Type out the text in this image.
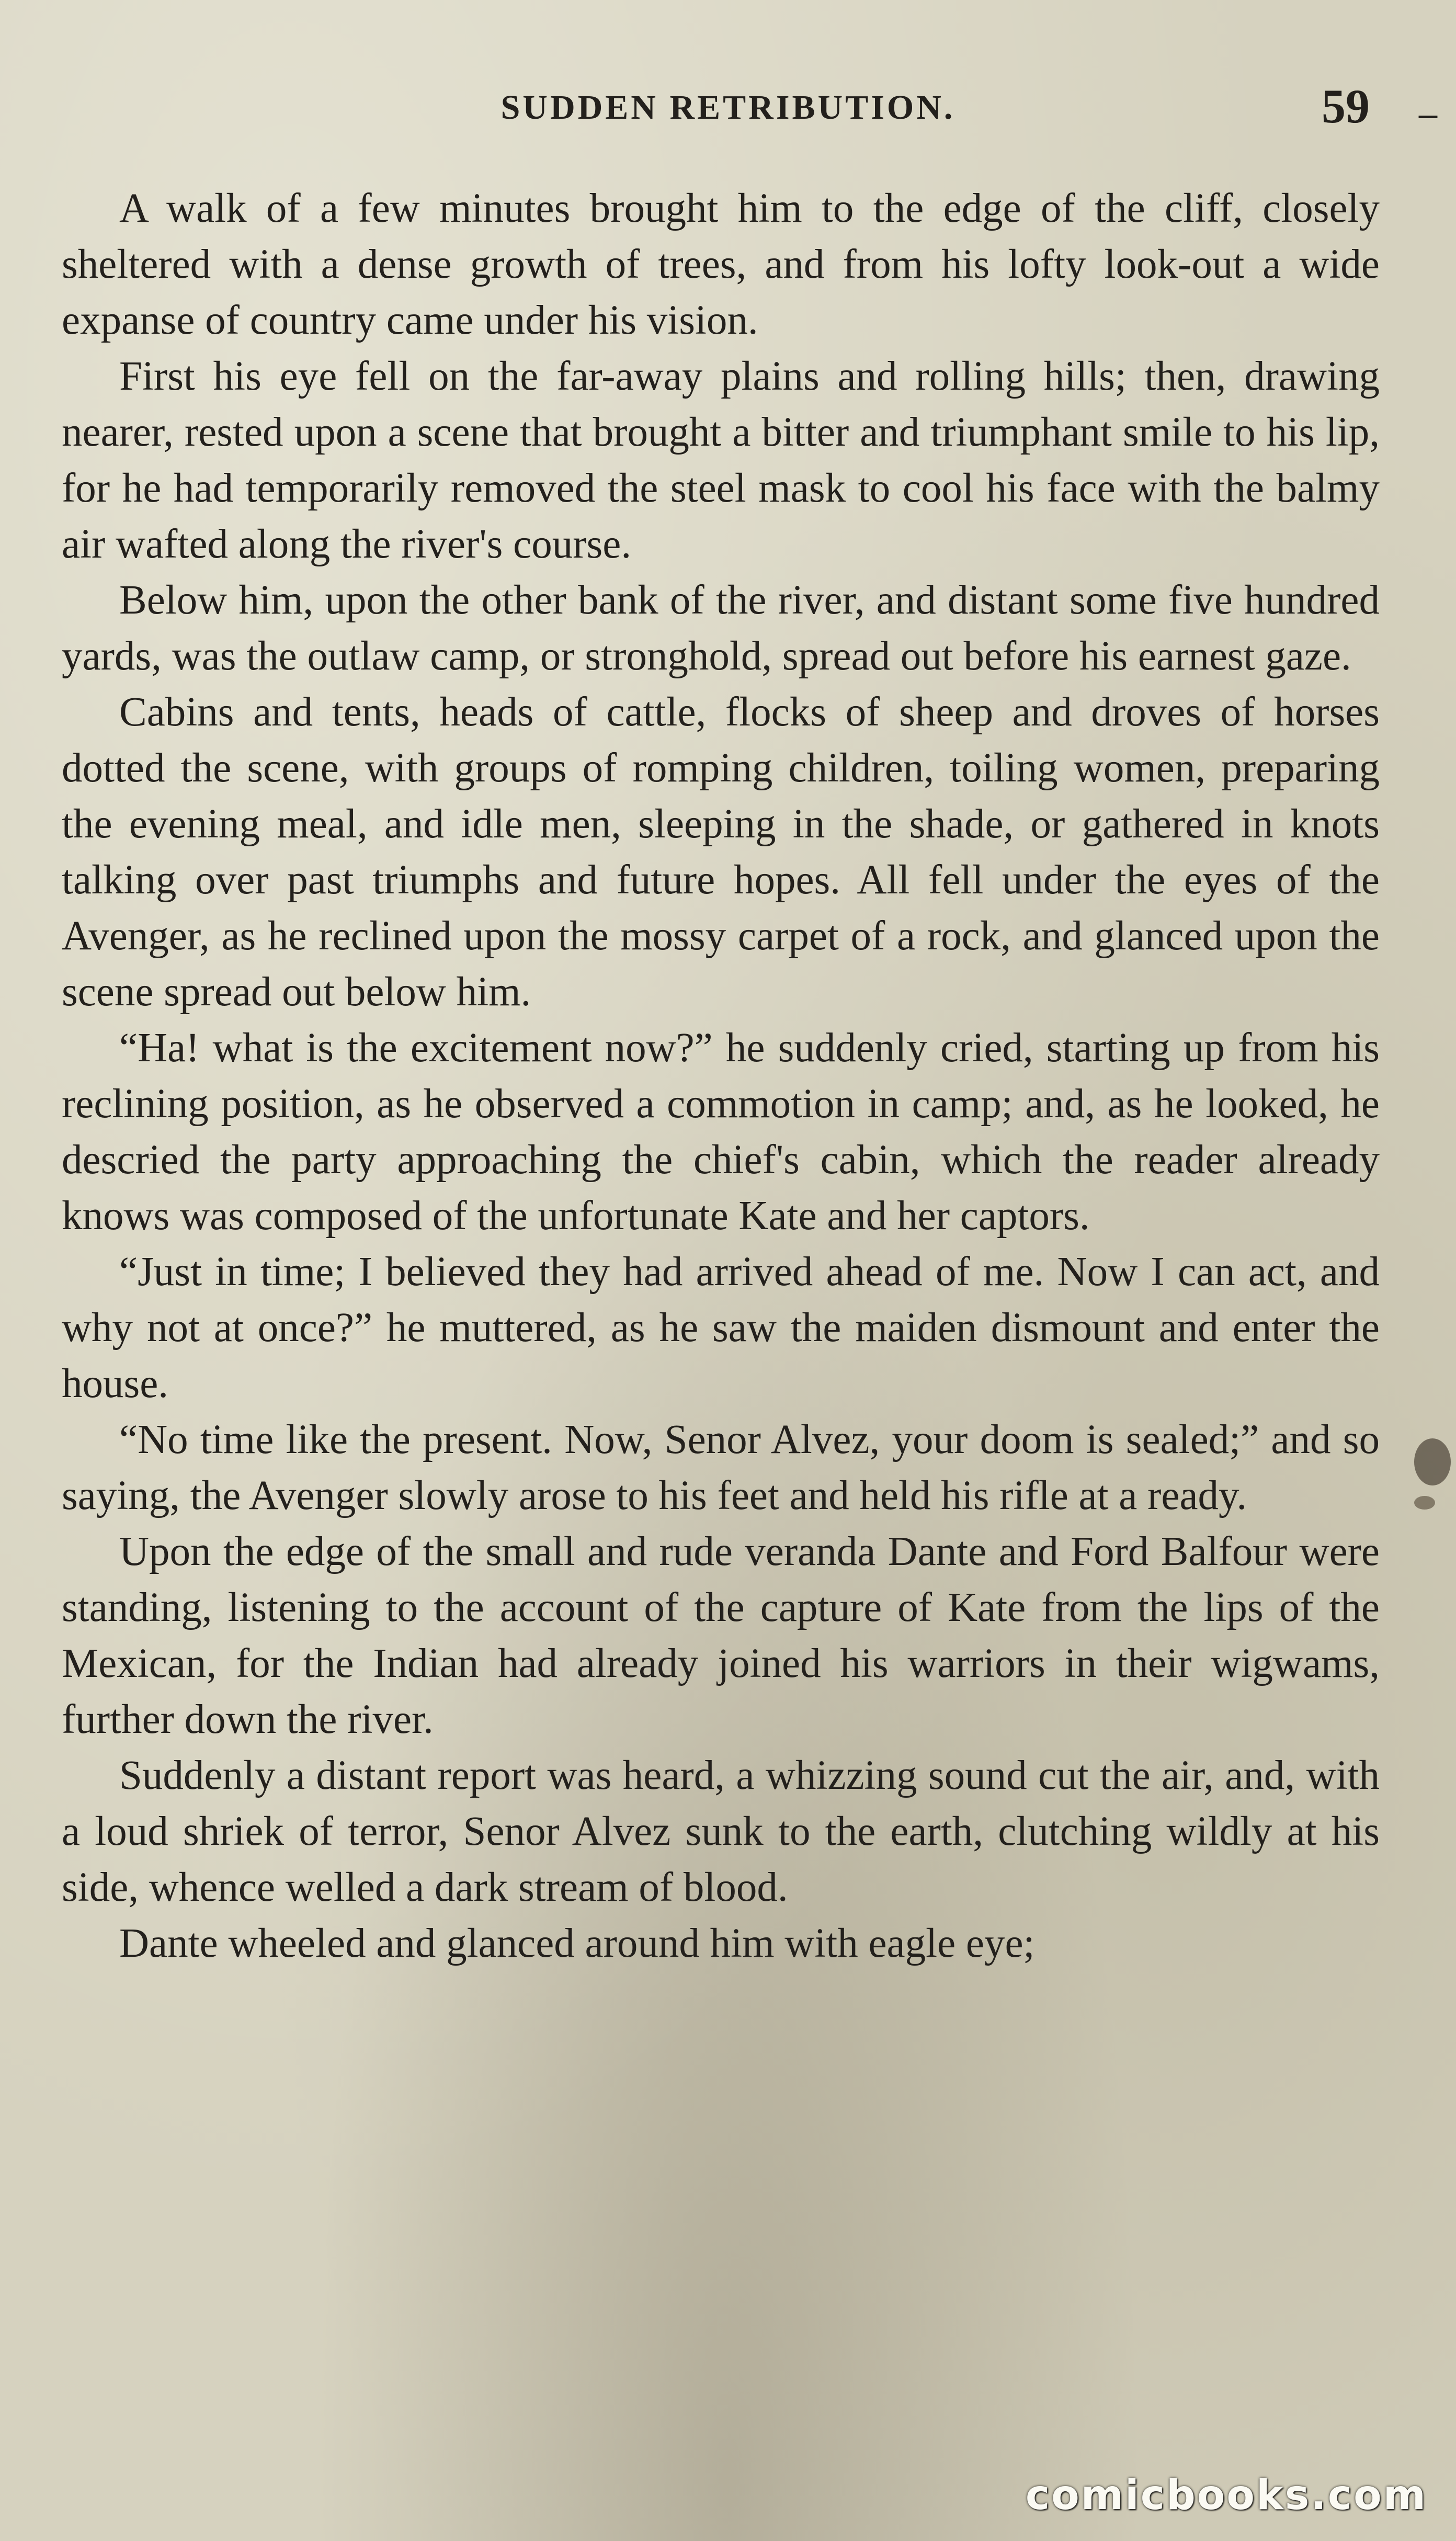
SUDDEN RETRIBUTION.	59 –

A walk of a few minutes brought him to the edge of the cliff, closely sheltered with a dense growth of trees, and from his lofty look-out a wide expanse of country came under his vision.

First his eye fell on the far-away plains and rolling hills; then, drawing nearer, rested upon a scene that brought a bitter and triumphant smile to his lip, for he had temporarily removed the steel mask to cool his face with the balmy air wafted along the river's course.

Below him, upon the other bank of the river, and distant some five hundred yards, was the outlaw camp, or stronghold, spread out before his earnest gaze.

Cabins and tents, heads of cattle, flocks of sheep and droves of horses dotted the scene, with groups of romping children, toiling women, preparing the evening meal, and idle men, sleeping in the shade, or gathered in knots talking over past triumphs and future hopes. All fell under the eyes of the Avenger, as he reclined upon the mossy carpet of a rock, and glanced upon the scene spread out below him.

“Ha! what is the excitement now?” he suddenly cried, starting up from his reclining position, as he observed a commotion in camp; and, as he looked, he descried the party approaching the chief's cabin, which the reader already knows was composed of the unfortunate Kate and her captors.

“Just in time; I believed they had arrived ahead of me. Now I can act, and why not at once?” he muttered, as he saw the maiden dismount and enter the house.

“No time like the present. Now, Senor Alvez, your doom is sealed;” and so saying, the Avenger slowly arose to his feet and held his rifle at a ready.

Upon the edge of the small and rude veranda Dante and Ford Balfour were standing, listening to the account of the capture of Kate from the lips of the Mexican, for the Indian had already joined his warriors in their wigwams, further down the river.

Suddenly a distant report was heard, a whizzing sound cut the air, and, with a loud shriek of terror, Senor Alvez sunk to the earth, clutching wildly at his side, whence welled a dark stream of blood.

Dante wheeled and glanced around him with eagle eye;

comicbooks.com
